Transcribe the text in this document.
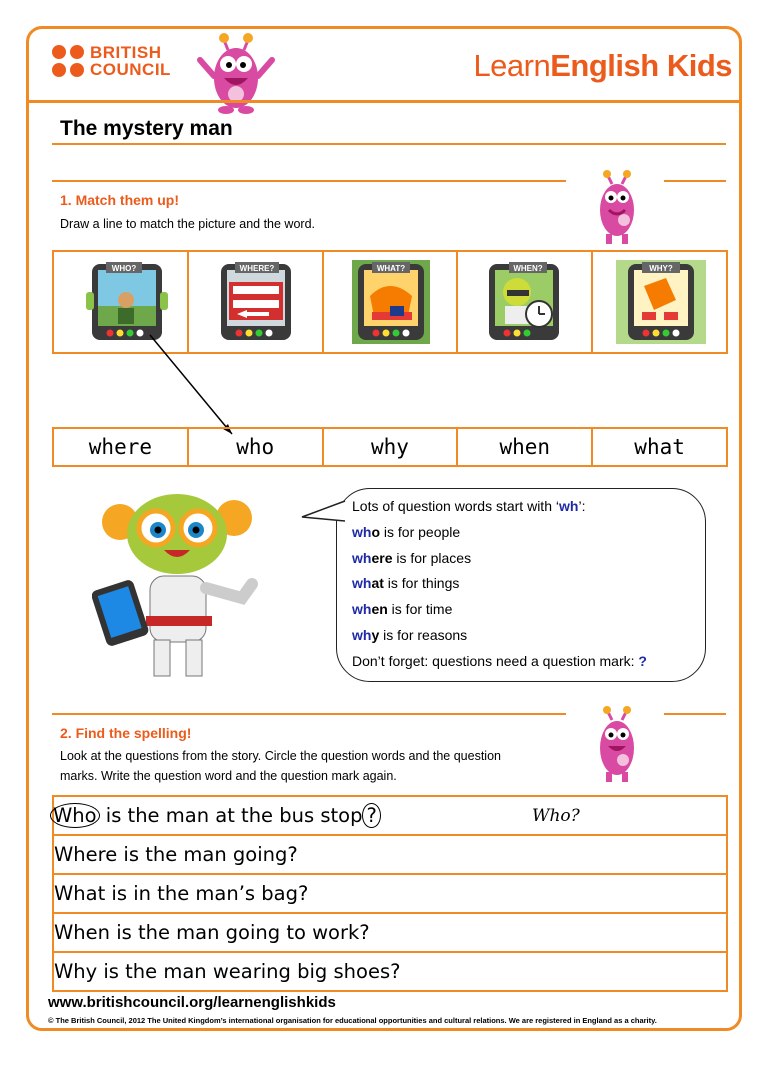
BRITISH
COUNCIL	LearnEnglish Kids
The mystery man
1. Match them up!
Draw a line to match the picture and the word.
WHO?	WHERE?	WHAT?	WHEN?	WHY?
where	who	why	when	what
Lots of question words start with ‘wh’:
who is for people
where is for places
what is for things
when is for time
why is for reasons
Don’t forget: questions need a question mark: ?
2. Find the spelling!
Look at the questions from the story. Circle the question words and the question
marks. Write the question word and the question mark again.
Who is the man at the bus stop ?	Who?

Where is the man going?
What is in the man’s bag?
When is the man going to work?
Why is the man wearing big shoes?
www.britishcouncil.org/learnenglishkids
© The British Council, 2012 The United Kingdom’s international organisation for educational opportunities and cultural relations. We are registered in England as a charity.
